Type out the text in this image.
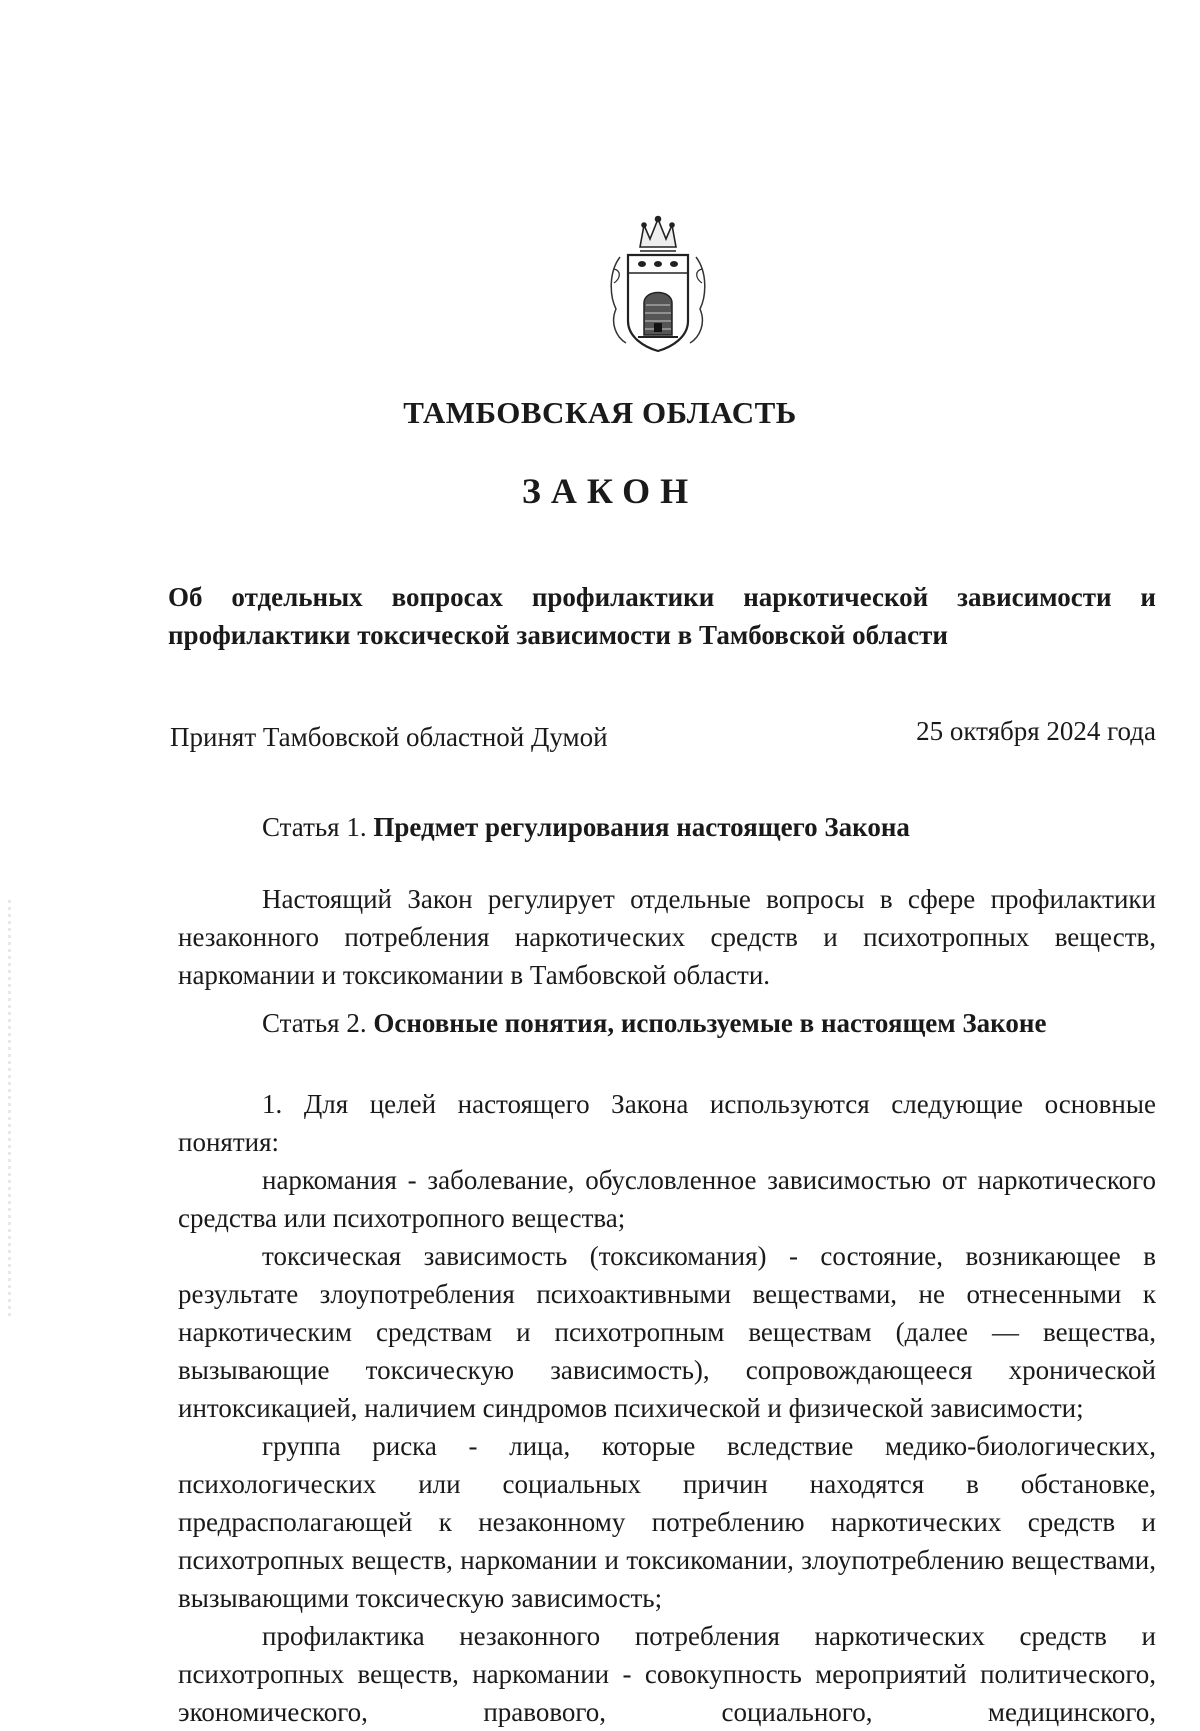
ТАМБОВСКАЯ ОБЛАСТЬ
ЗАКОН
Об отдельных вопросах профилактики наркотической зависимости и профилактики токсической зависимости в Тамбовской области
Принят Тамбовской областной Думой	25 октября 2024 года
Статья 1. Предмет регулирования настоящего Закона
Настоящий Закон регулирует отдельные вопросы в сфере профилактики незаконного потребления наркотических средств и психотропных веществ, наркомании и токсикомании в Тамбовской области.
Статья 2. Основные понятия, используемые в настоящем Законе

1. Для целей настоящего Закона используются следующие основные понятия:

наркомания - заболевание, обусловленное зависимостью от наркотического средства или психотропного вещества;

токсическая зависимость (токсикомания) - состояние, возникающее в результате злоупотребления психоактивными веществами, не отнесенными к наркотическим средствам и психотропным веществам (далее — вещества, вызывающие токсическую зависимость), сопровождающееся хронической интоксикацией, наличием синдромов психической и физической зависимости;

группа риска - лица, которые вследствие медико-биологических, психологических или социальных причин находятся в обстановке, предрасполагающей к незаконному потреблению наркотических средств и психотропных веществ, наркомании и токсикомании, злоупотреблению веществами, вызывающими токсическую зависимость;

профилактика незаконного потребления наркотических средств и психотропных веществ, наркомании - совокупность мероприятий политического, экономического, правового, социального, медицинского,
